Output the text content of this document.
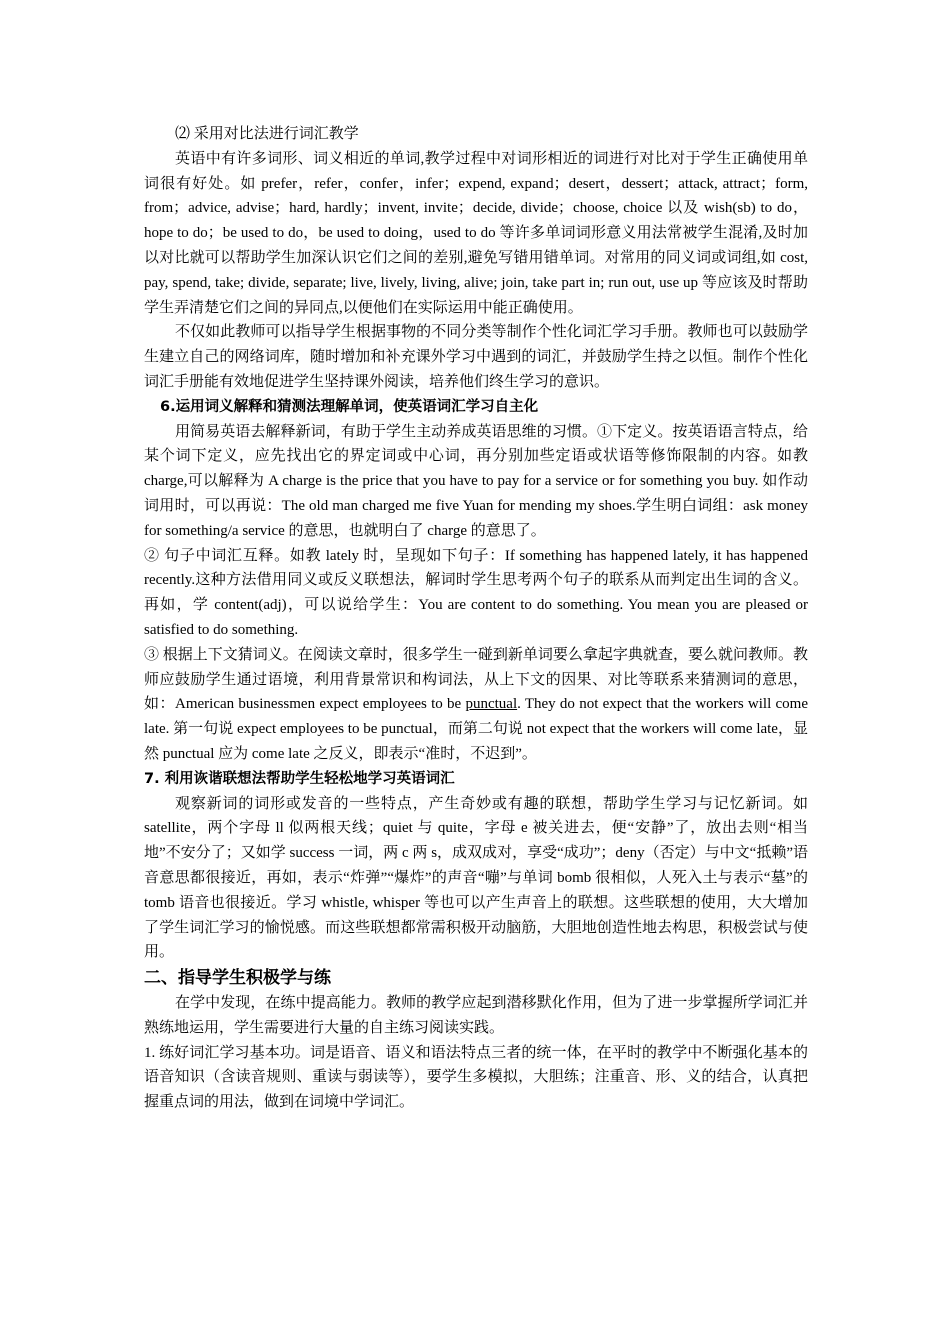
⑵ 采用对比法进行词汇教学

英语中有许多词形、词义相近的单词,教学过程中对词形相近的词进行对比对于学生正确使用单词很有好处。如 prefer，refer，confer，infer；expend, expand；desert，dessert；attack, attract；form, from；advice, advise；hard, hardly；invent, invite；decide, divide；choose, choice 以及 wish(sb) to do，hope to do；be used to do，be used to doing，used to do 等许多单词词形意义用法常被学生混淆,及时加以对比就可以帮助学生加深认识它们之间的差别,避免写错用错单词。对常用的同义词或词组,如 cost, pay, spend, take; divide, separate; live, lively, living, alive; join, take part in; run out, use up 等应该及时帮助学生弄清楚它们之间的异同点,以便他们在实际运用中能正确使用。

不仅如此教师可以指导学生根据事物的不同分类等制作个性化词汇学习手册。教师也可以鼓励学生建立自己的网络词库，随时增加和补充课外学习中遇到的词汇，并鼓励学生持之以恒。制作个性化词汇手册能有效地促进学生坚持课外阅读，培养他们终生学习的意识。

6.运用词义解释和猜测法理解单词，使英语词汇学习自主化

用简易英语去解释新词，有助于学生主动养成英语思维的习惯。①下定义。按英语语言特点，给某个词下定义，应先找出它的界定词或中心词，再分别加些定语或状语等修饰限制的内容。如教 charge,可以解释为 A charge is the price that you have to pay for a service or for something you buy. 如作动词用时，可以再说：The old man charged me five Yuan for mending my shoes.学生明白词组：ask money for something/a service 的意思，也就明白了 charge 的意思了。

② 句子中词汇互释。如教 lately 时，呈现如下句子：If something has happened lately, it has happened recently.这种方法借用同义或反义联想法，解词时学生思考两个句子的联系从而判定出生词的含义。再如，学 content(adj)，可以说给学生：You are content to do something. You mean you are pleased or satisfied to do something.

③ 根据上下文猜词义。在阅读文章时，很多学生一碰到新单词要么拿起字典就查，要么就问教师。教师应鼓励学生通过语境，利用背景常识和构词法，从上下文的因果、对比等联系来猜测词的意思，如：American businessmen expect employees to be punctual. They do not expect that the workers will come late. 第一句说 expect employees to be punctual，而第二句说 not expect that the workers will come late，显然 punctual 应为 come late 之反义，即表示“准时，不迟到”。

7. 利用诙谐联想法帮助学生轻松地学习英语词汇

观察新词的词形或发音的一些特点，产生奇妙或有趣的联想，帮助学生学习与记忆新词。如 satellite，两个字母 ll 似两根天线；quiet 与 quite，字母 e 被关进去，便“安静”了，放出去则“相当地”不安分了；又如学 success 一词，两 c 两 s，成双成对，享受“成功”；deny（否定）与中文“抵赖”语音意思都很接近，再如，表示“炸弹”“爆炸”的声音“嘣”与单词 bomb 很相似，人死入土与表示“墓”的 tomb 语音也很接近。学习 whistle, whisper 等也可以产生声音上的联想。这些联想的使用，大大增加了学生词汇学习的愉悦感。而这些联想都常需积极开动脑筋，大胆地创造性地去构思，积极尝试与使用。

二、指导学生积极学与练

在学中发现，在练中提高能力。教师的教学应起到潜移默化作用，但为了进一步掌握所学词汇并熟练地运用，学生需要进行大量的自主练习阅读实践。

1. 练好词汇学习基本功。词是语音、语义和语法特点三者的统一体，在平时的教学中不断强化基本的语音知识（含读音规则、重读与弱读等），要学生多模拟，大胆练；注重音、形、义的结合，认真把握重点词的用法，做到在词境中学词汇。
